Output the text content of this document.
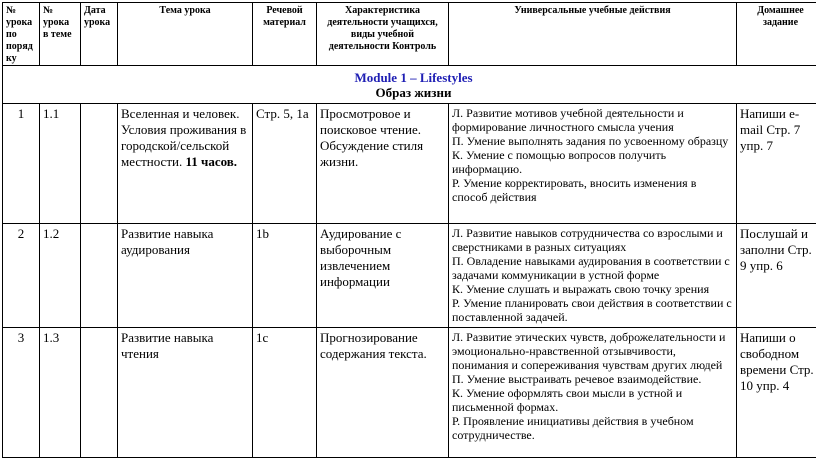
№ урока по поряд ку	№ урока в теме	Дата урока	Тема урока	Речевой материал	Характеристика деятельности учащихся, виды учебной деятельности Контроль	Универсальные учебные действия	Домашнее задание

Module 1 – Lifestyles
Образ жизни							

1	1.1		Вселенная и человек. Условия проживания в городской/сельской местности. 11 часов.	Стр. 5, 1а	Просмотровое и поисковое чтение. Обсуждение стиля жизни.	Л. Развитие мотивов учебной деятельности и формирование личностного смысла учения
П. Умение выполнять задания по усвоенному образцу
К. Умение с помощью вопросов получить информацию.
Р. Умение корректировать, вносить изменения в способ действия	Напиши e-mail Стр. 7 упр. 7
2	1.2		Развитие навыка аудирования	1b	Аудирование с выборочным извлечением информации	Л. Развитие навыков сотрудничества со взрослыми и сверстниками в разных ситуациях
П. Овладение навыками аудирования в соответствии с задачами коммуникации в устной форме
К. Умение слушать и выражать свою точку зрения
Р. Умение планировать свои действия в соответствии с поставленной задачей.	Послушай и заполни Стр. 9 упр. 6
3	1.3		Развитие навыка чтения	1c	Прогнозирование содержания текста.	Л. Развитие этических чувств, доброжелательности и эмоционально-нравственной отзывчивости, понимания и сопереживания чувствам других людей
П. Умение выстраивать речевое взаимодействие.
К. Умение оформлять свои мысли в устной и письменной формах.
Р. Проявление инициативы действия в учебном сотрудничестве.	Напиши о свободном времени Стр. 10 упр. 4
